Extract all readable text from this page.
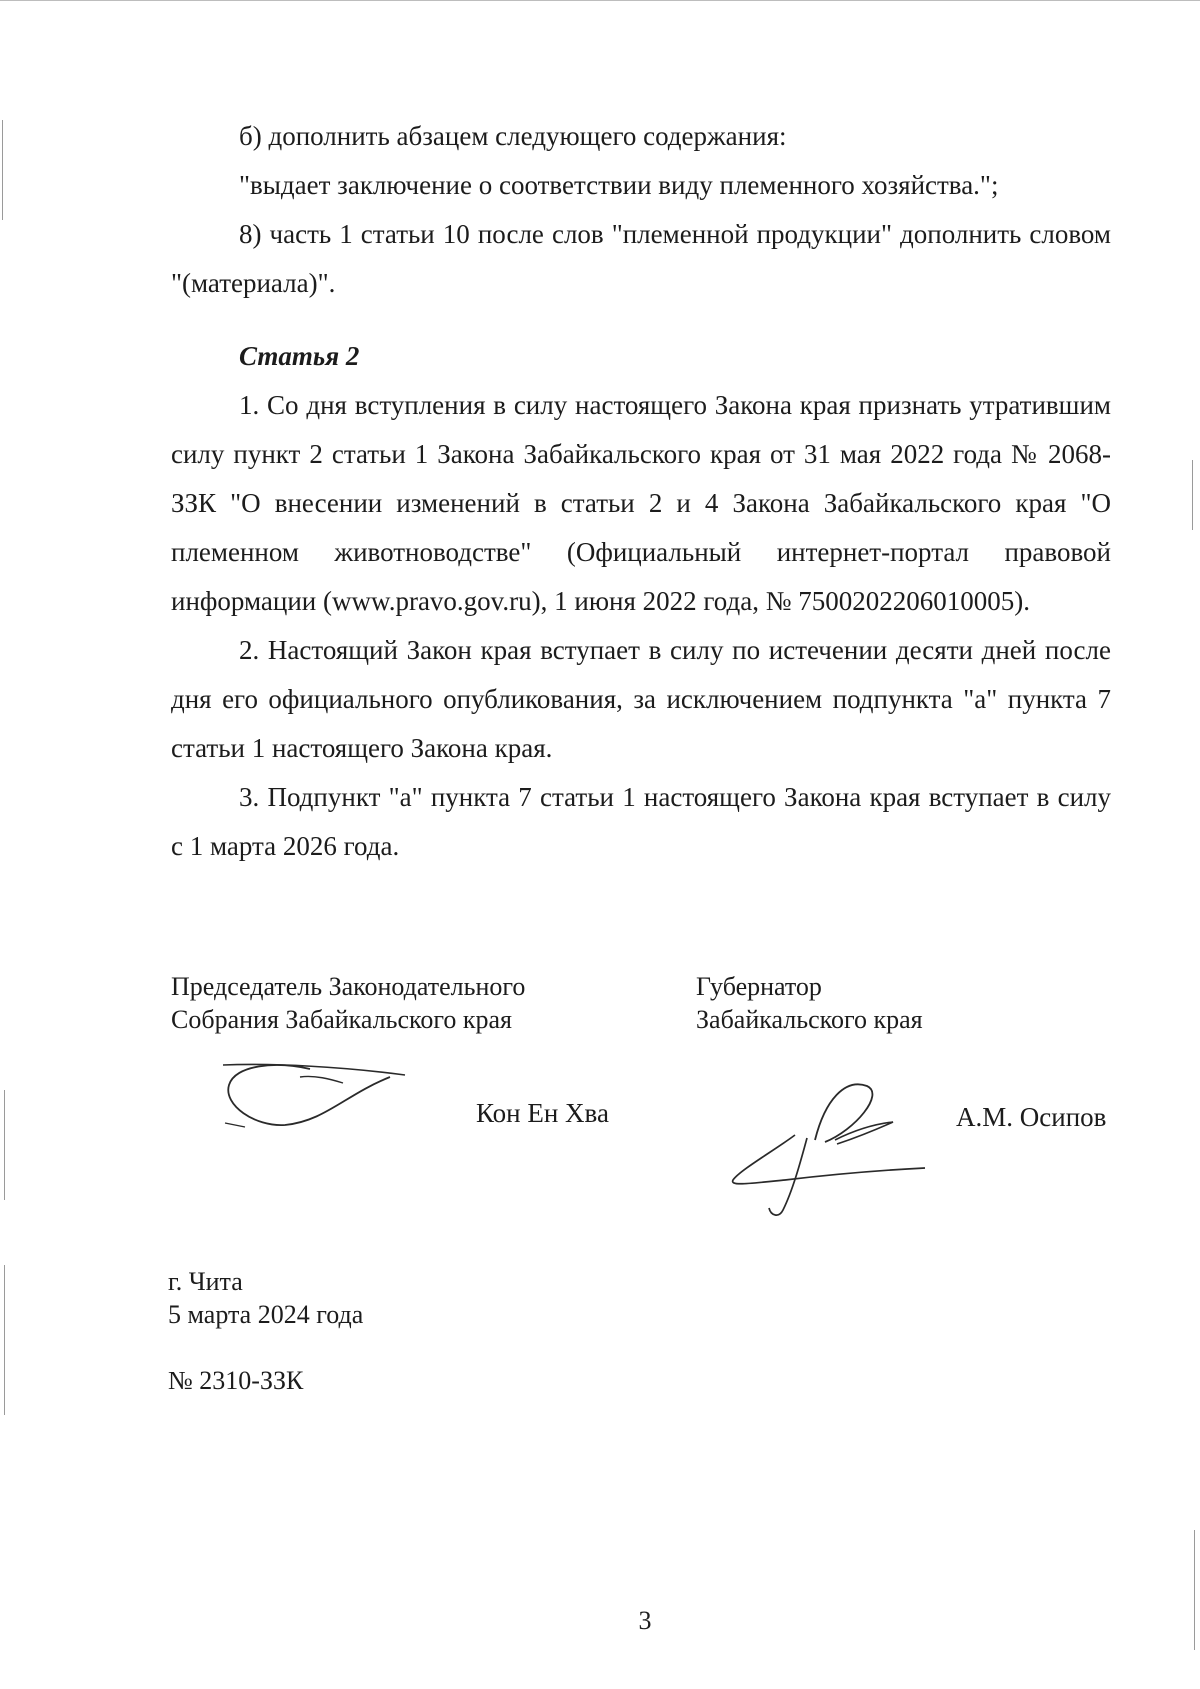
б) дополнить абзацем следующего содержания:

"выдает заключение о соответствии виду племенного хозяйства.";

8) часть 1 статьи 10 после слов "племенной продукции" дополнить словом "(материала)".

Статья 2

1. Со дня вступления в силу настоящего Закона края признать утратившим силу пункт 2 статьи 1 Закона Забайкальского края от 31 мая 2022 года № 2068-ЗЗК "О внесении изменений в статьи 2 и 4 Закона Забайкальского края "О племенном животноводстве" (Официальный интернет-портал правовой информации (www.pravo.gov.ru), 1 июня 2022 года, № 7500202206010005).

2. Настоящий Закон края вступает в силу по истечении десяти дней после дня его официального опубликования, за исключением подпункта "а" пункта 7 статьи 1 настоящего Закона края.

3. Подпункт "а" пункта 7 статьи 1 настоящего Закона края вступает в силу с 1 марта 2026 года.

Председатель Законодательного
Собрания Забайкальского края
Губернатор
Забайкальского края
Кон Ен Хва	А.М. Осипов
г. Чита
5 марта 2024 года
№ 2310-ЗЗК
3
